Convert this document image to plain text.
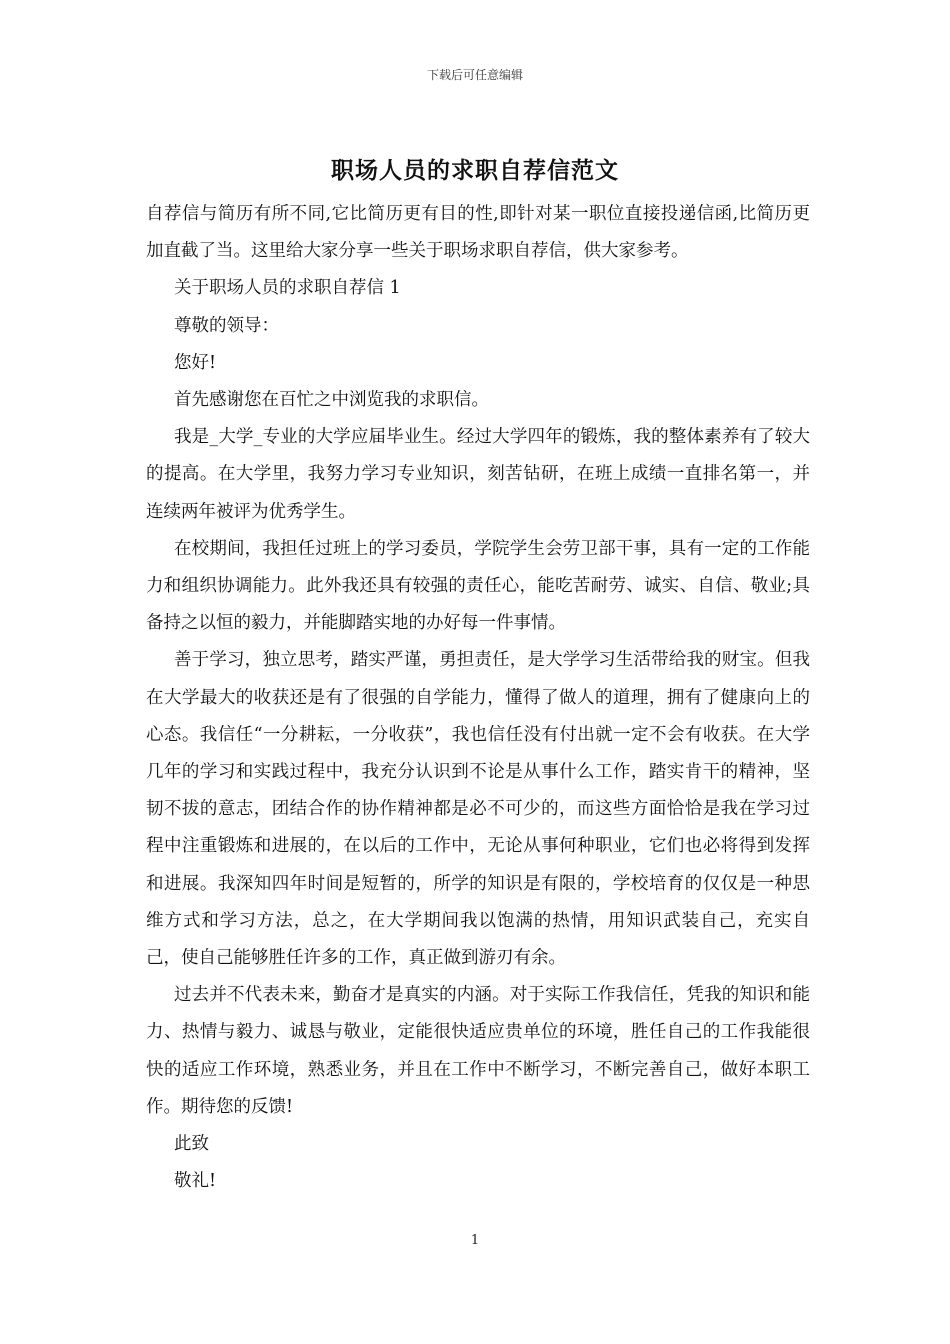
下载后可任意编辑
职场人员的求职自荐信范文

自荐信与简历有所不同,它比简历更有目的性,即针对某一职位直接投递信函,比简历更加直截了当。这里给大家分享一些关于职场求职自荐信，供大家参考。

关于职场人员的求职自荐信 1

尊敬的领导：

您好!

首先感谢您在百忙之中浏览我的求职信。

我是_大学_专业的大学应届毕业生。经过大学四年的锻炼，我的整体素养有了较大的提高。在大学里，我努力学习专业知识，刻苦钻研，在班上成绩一直排名第一，并连续两年被评为优秀学生。

在校期间，我担任过班上的学习委员，学院学生会劳卫部干事，具有一定的工作能力和组织协调能力。此外我还具有较强的责任心，能吃苦耐劳、诚实、自信、敬业;具备持之以恒的毅力，并能脚踏实地的办好每一件事情。

善于学习，独立思考，踏实严谨，勇担责任，是大学学习生活带给我的财宝。但我在大学最大的收获还是有了很强的自学能力，懂得了做人的道理，拥有了健康向上的心态。我信任“一分耕耘，一分收获”，我也信任没有付出就一定不会有收获。在大学几年的学习和实践过程中，我充分认识到不论是从事什么工作，踏实肯干的精神，坚韧不拔的意志，团结合作的协作精神都是必不可少的，而这些方面恰恰是我在学习过程中注重锻炼和进展的，在以后的工作中，无论从事何种职业，它们也必将得到发挥和进展。我深知四年时间是短暂的，所学的知识是有限的，学校培育的仅仅是一种思维方式和学习方法，总之，在大学期间我以饱满的热情，用知识武装自己，充实自己，使自己能够胜任许多的工作，真正做到游刃有余。

过去并不代表未来，勤奋才是真实的内涵。对于实际工作我信任，凭我的知识和能力、热情与毅力、诚恳与敬业，定能很快适应贵单位的环境，胜任自己的工作我能很快的适应工作环境，熟悉业务，并且在工作中不断学习，不断完善自己，做好本职工作。期待您的反馈!

此致

敬礼!

1
